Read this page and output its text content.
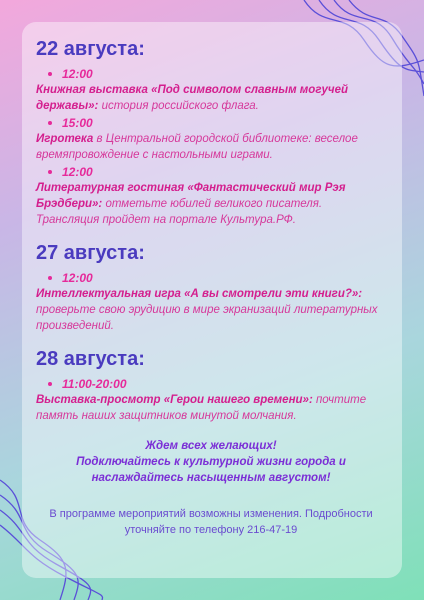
22 августа:
12:00
Книжная выставка «Под символом славным могучей державы»: история российского флага.
15:00
Игротека в Центральной городской библиотеке: веселое времяпровождение с настольными играми.
12:00
Литературная гостиная «Фантастический мир Рэя Брэдбери»: отметьте юбилей великого писателя. Трансляция пройдет на портале Культура.РФ.
27 августа:
12:00
Интеллектуальная игра «А вы смотрели эти книги?»: проверьте свою эрудицию в мире экранизаций литературных произведений.
28 августа:
11:00-20:00
Выставка-просмотр «Герои нашего времени»: почтите память наших защитников минутой молчания.
Ждем всех желающих!
Подключайтесь к культурной жизни города и наслаждайтесь насыщенным августом!
В программе мероприятий возможны изменения. Подробности уточняйте по телефону 216-47-19
